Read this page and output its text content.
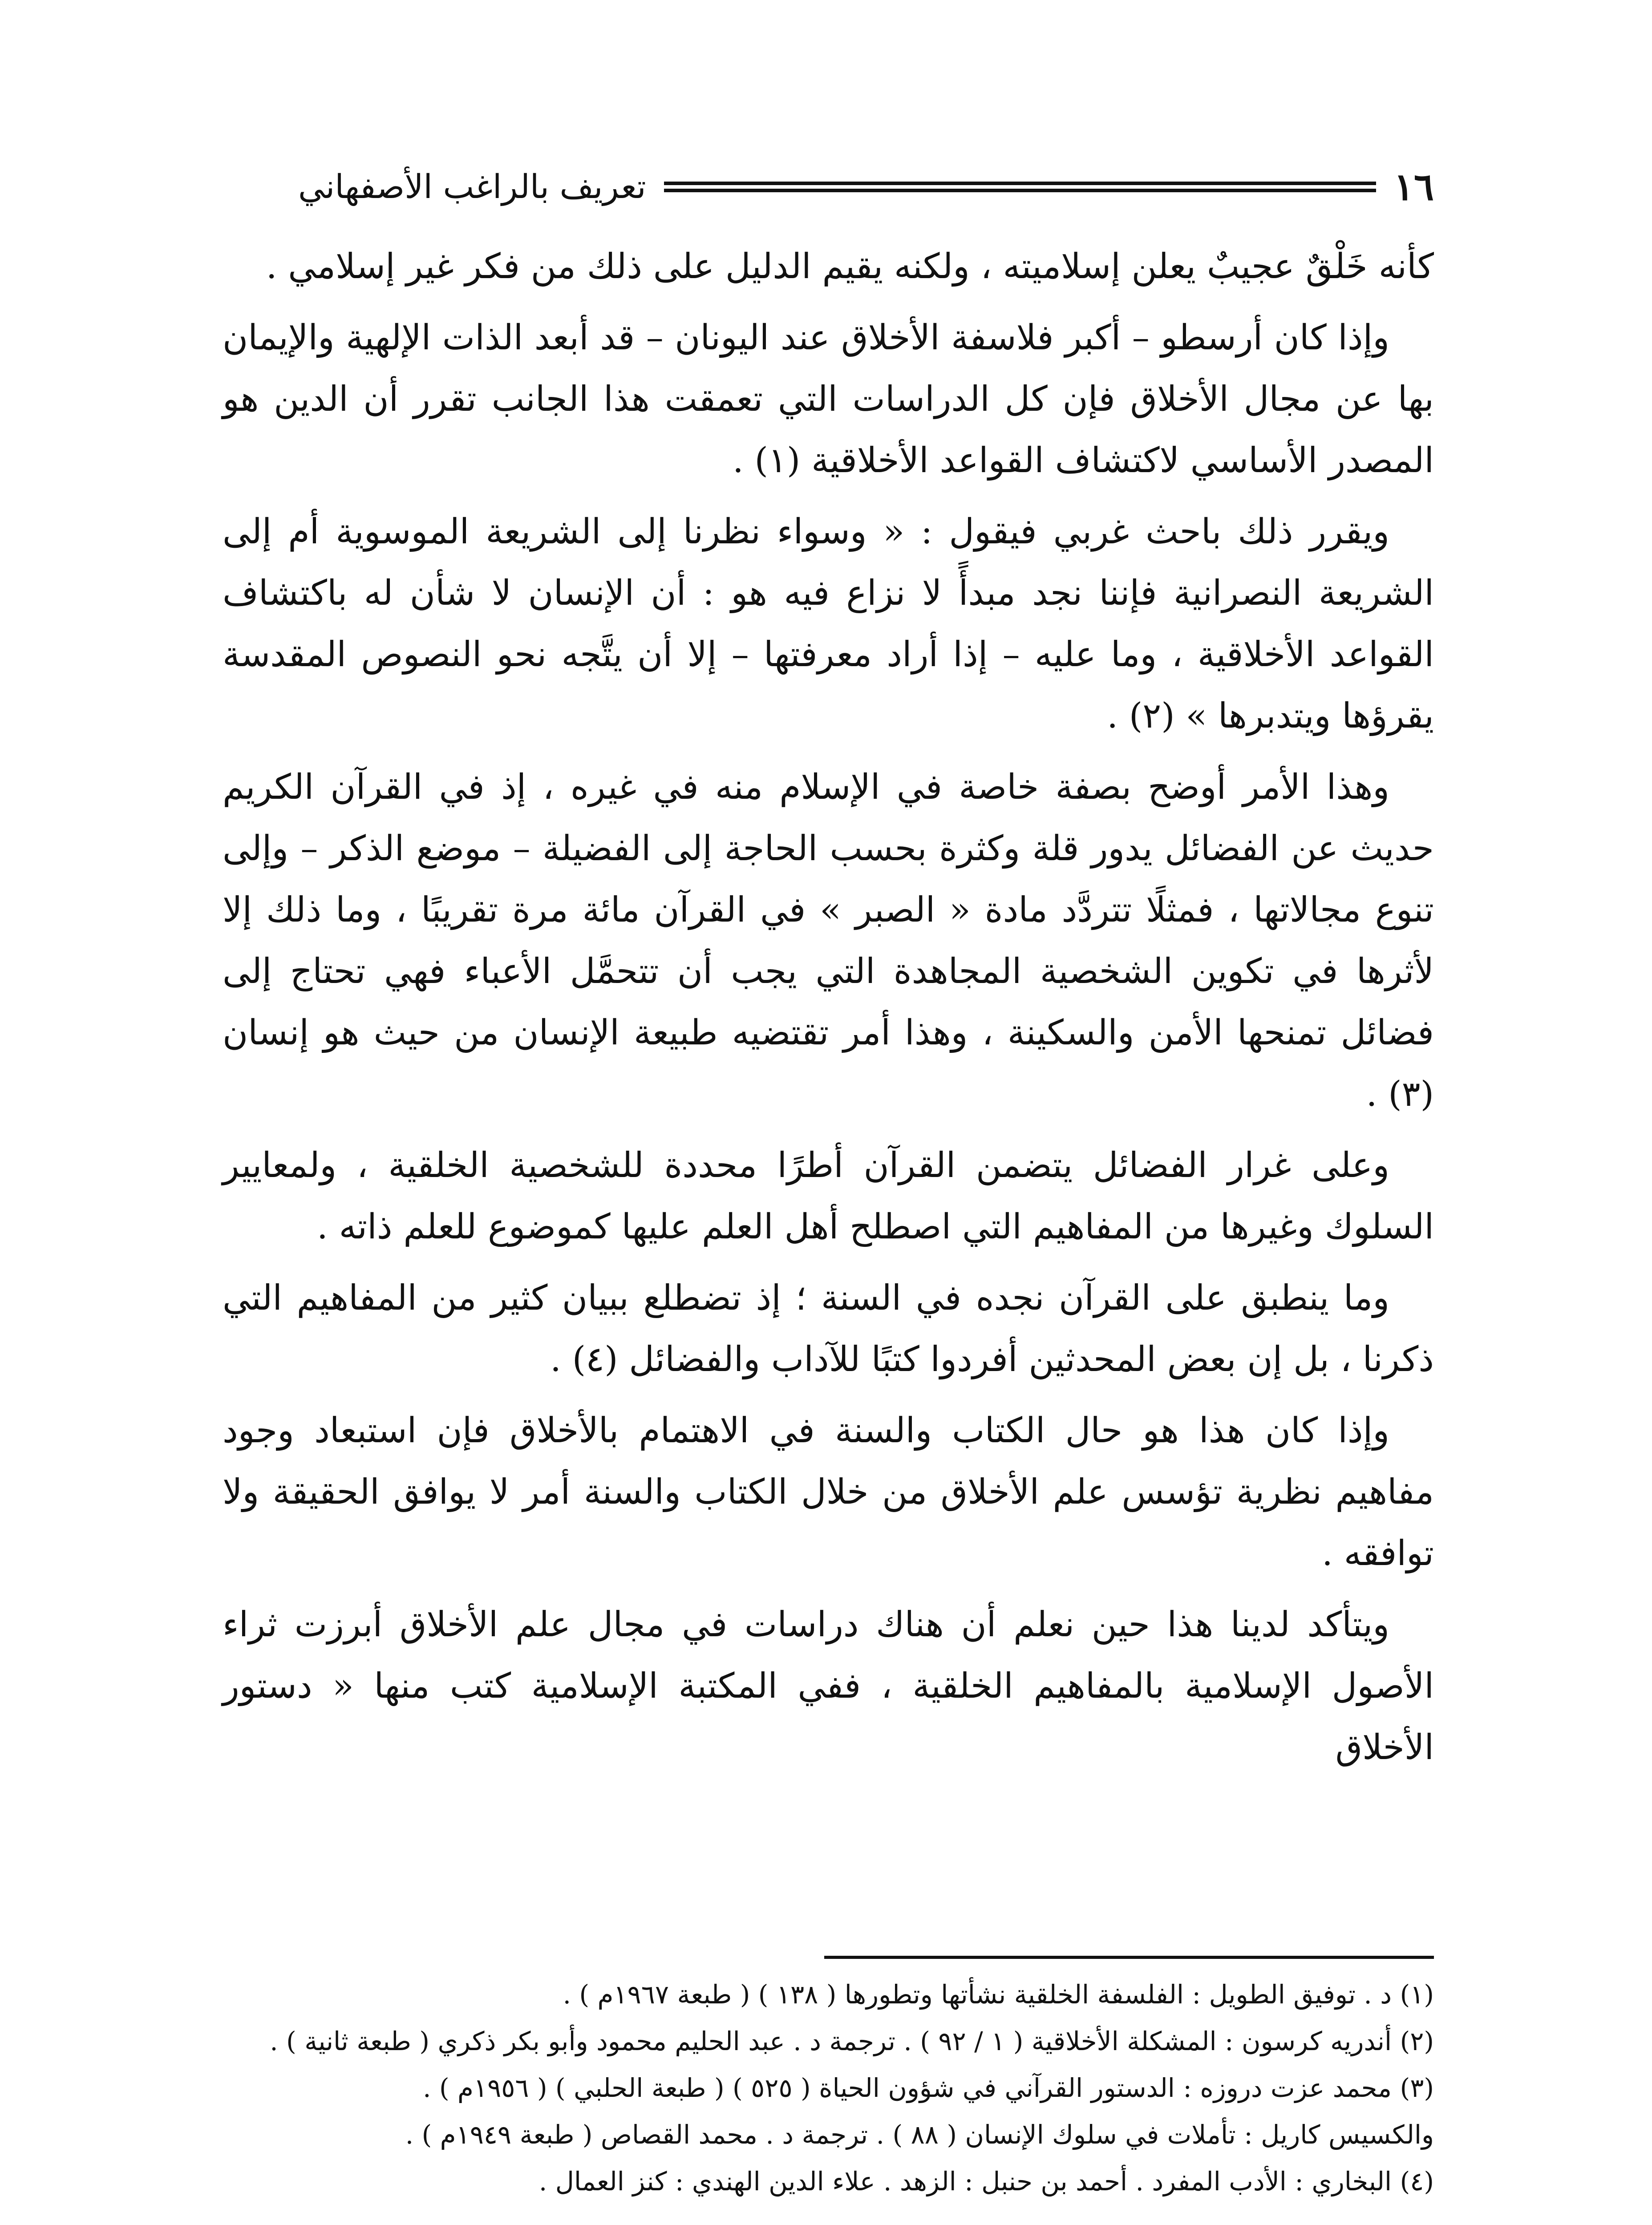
١٦
تعريف بالراغب الأصفهاني

كأنه خَلْقٌ عجيبٌ يعلن إسلاميته ، ولكنه يقيم الدليل على ذلك من فكر غير إسلامي .

وإذا كان أرسطو – أكبر فلاسفة الأخلاق عند اليونان – قد أبعد الذات الإلهية والإيمان بها عن مجال الأخلاق فإن كل الدراسات التي تعمقت هذا الجانب تقرر أن الدين هو المصدر الأساسي لاكتشاف القواعد الأخلاقية (١) .

ويقرر ذلك باحث غربي فيقول : « وسواء نظرنا إلى الشريعة الموسوية أم إلى الشريعة النصرانية فإننا نجد مبدأً لا نزاع فيه هو : أن الإنسان لا شأن له باكتشاف القواعد الأخلاقية ، وما عليه – إذا أراد معرفتها – إلا أن يتَّجه نحو النصوص المقدسة يقرؤها ويتدبرها » (٢) .

وهذا الأمر أوضح بصفة خاصة في الإسلام منه في غيره ، إذ في القرآن الكريم حديث عن الفضائل يدور قلة وكثرة بحسب الحاجة إلى الفضيلة – موضع الذكر – وإلى تنوع مجالاتها ، فمثلًا تتردَّد مادة « الصبر » في القرآن مائة مرة تقريبًا ، وما ذلك إلا لأثرها في تكوين الشخصية المجاهدة التي يجب أن تتحمَّل الأعباء فهي تحتاج إلى فضائل تمنحها الأمن والسكينة ، وهذا أمر تقتضيه طبيعة الإنسان من حيث هو إنسان (٣) .

وعلى غرار الفضائل يتضمن القرآن أطرًا محددة للشخصية الخلقية ، ولمعايير السلوك وغيرها من المفاهيم التي اصطلح أهل العلم عليها كموضوع للعلم ذاته .

وما ينطبق على القرآن نجده في السنة ؛ إذ تضطلع ببيان كثير من المفاهيم التي ذكرنا ، بل إن بعض المحدثين أفردوا كتبًا للآداب والفضائل (٤) .

وإذا كان هذا هو حال الكتاب والسنة في الاهتمام بالأخلاق فإن استبعاد وجود مفاهيم نظرية تؤسس علم الأخلاق من خلال الكتاب والسنة أمر لا يوافق الحقيقة ولا توافقه .

ويتأكد لدينا هذا حين نعلم أن هناك دراسات في مجال علم الأخلاق أبرزت ثراء الأصول الإسلامية بالمفاهيم الخلقية ، ففي المكتبة الإسلامية كتب منها « دستور الأخلاق

(١) د . توفيق الطويل : الفلسفة الخلقية نشأتها وتطورها ( ١٣٨ ) ( طبعة ١٩٦٧م ) .
(٢) أندريه كرسون : المشكلة الأخلاقية ( ١ / ٩٢ ) . ترجمة د . عبد الحليم محمود وأبو بكر ذكري ( طبعة ثانية ) .
(٣) محمد عزت دروزه : الدستور القرآني في شؤون الحياة ( ٥٢٥ ) ( طبعة الحلبي ) ( ١٩٥٦م ) .
والكسيس كاريل : تأملات في سلوك الإنسان ( ٨٨ ) . ترجمة د . محمد القصاص ( طبعة ١٩٤٩م ) .
(٤) البخاري : الأدب المفرد . أحمد بن حنبل : الزهد . علاء الدين الهندي : كنز العمال .
